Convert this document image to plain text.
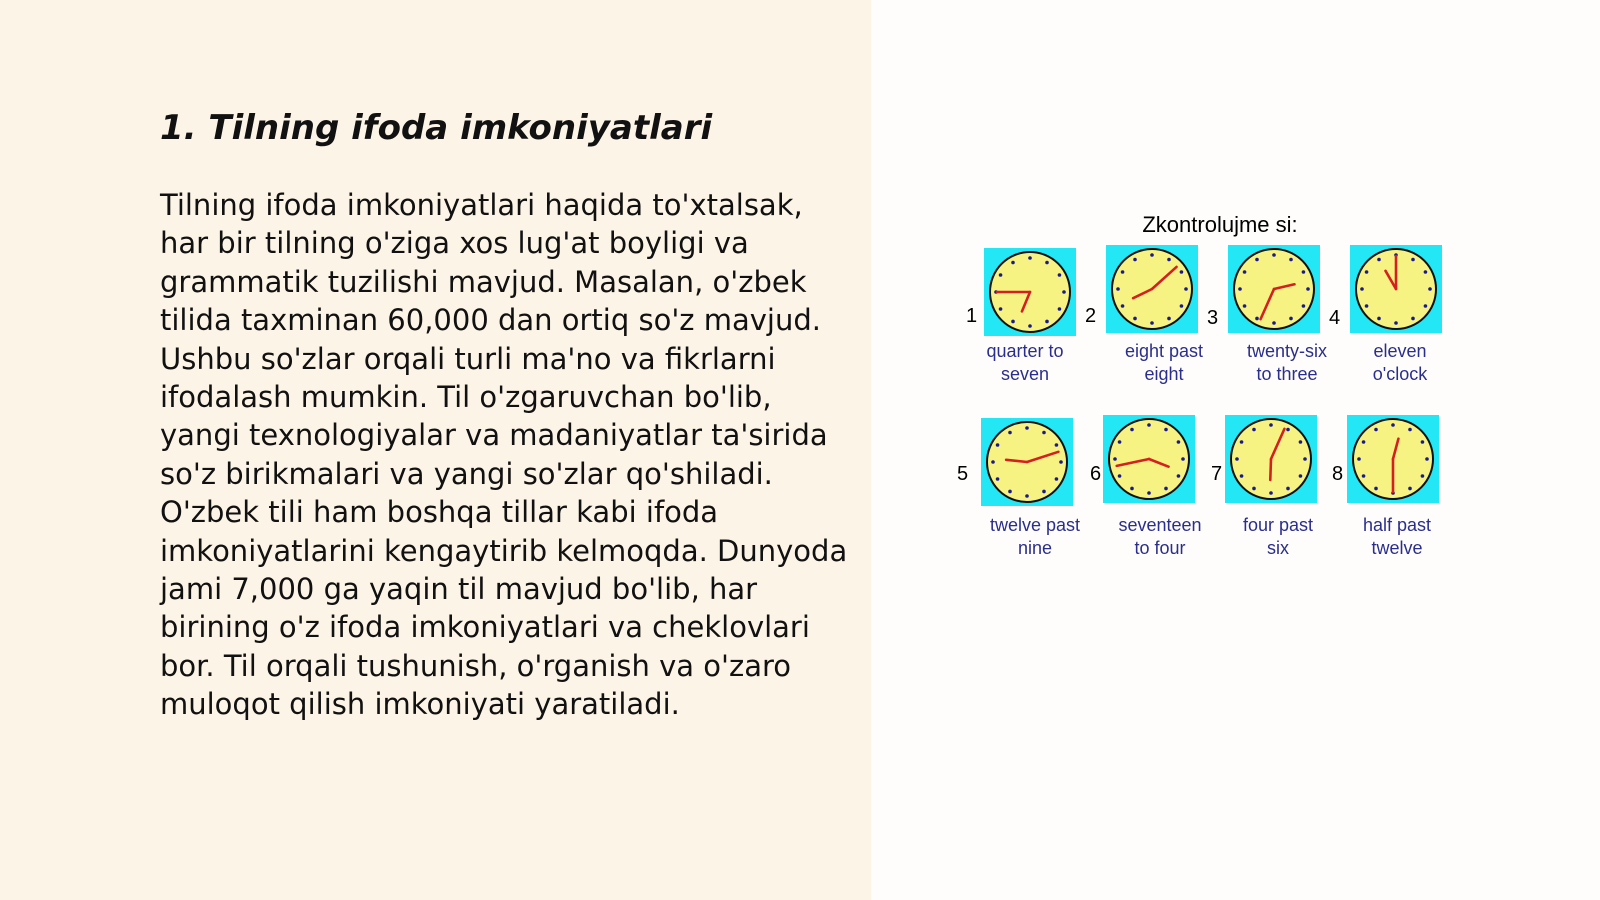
1. Tilning ifoda imkoniyatlari

Tilning ifoda imkoniyatlari haqida to'xtalsak, har bir tilning o'ziga xos lug'at boyligi va grammatik tuzilishi mavjud. Masalan, o'zbek tilida taxminan 60,000 dan ortiq so'z mavjud. Ushbu so'zlar orqali turli ma'no va fikrlarni ifodalash mumkin. Til o'zgaruvchan bo'lib, yangi texnologiyalar va madaniyatlar ta'sirida so'z birikmalari va yangi so'zlar qo'shiladi. O'zbek tili ham boshqa tillar kabi ifoda imkoniyatlarini kengaytirib kelmoqda. Dunyoda jami 7,000 ga yaqin til mavjud bo'lib, har birining o'z ifoda imkoniyatlari va cheklovlari bor. Til orqali tushunish, o'rganish va o'zaro muloqot qilish imkoniyati yaratiladi.

Zkontrolujme si:
1
quarter to
seven
2
eight past
eight
3
twenty-six
to three
4
eleven
o'clock
5
twelve past
nine
6
seventeen
to four
7
four past
six
8
half past
twelve
